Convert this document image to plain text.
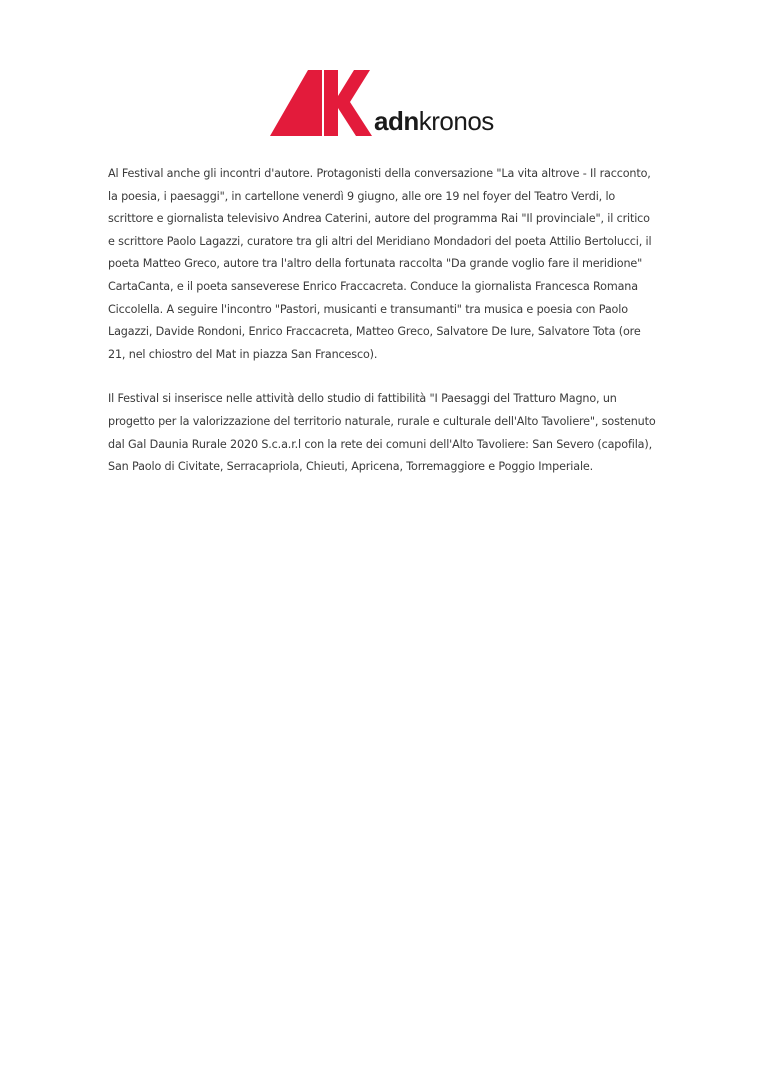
adnkronos

Al Festival anche gli incontri d'autore. Protagonisti della conversazione "La vita altrove - Il racconto, la poesia, i paesaggi", in cartellone venerdì 9 giugno, alle ore 19 nel foyer del Teatro Verdi, lo scrittore e giornalista televisivo Andrea Caterini, autore del programma Rai "Il provinciale", il critico e scrittore Paolo Lagazzi, curatore tra gli altri del Meridiano Mondadori del poeta Attilio Bertolucci, il poeta Matteo Greco, autore tra l'altro della fortunata raccolta "Da grande voglio fare il meridione" CartaCanta, e il poeta sanseverese Enrico Fraccacreta. Conduce la giornalista Francesca Romana Ciccolella. A seguire l'incontro "Pastori, musicanti e transumanti" tra musica e poesia con Paolo Lagazzi, Davide Rondoni, Enrico Fraccacreta, Matteo Greco, Salvatore De Iure, Salvatore Tota (ore 21, nel chiostro del Mat in piazza San Francesco).

Il Festival si inserisce nelle attività dello studio di fattibilità "I Paesaggi del Tratturo Magno, un progetto per la valorizzazione del territorio naturale, rurale e culturale dell'Alto Tavoliere", sostenuto dal Gal Daunia Rurale 2020 S.c.a.r.l con la rete dei comuni dell'Alto Tavoliere: San Severo (capofila), San Paolo di Civitate, Serracapriola, Chieuti, Apricena, Torremaggiore e Poggio Imperiale.
